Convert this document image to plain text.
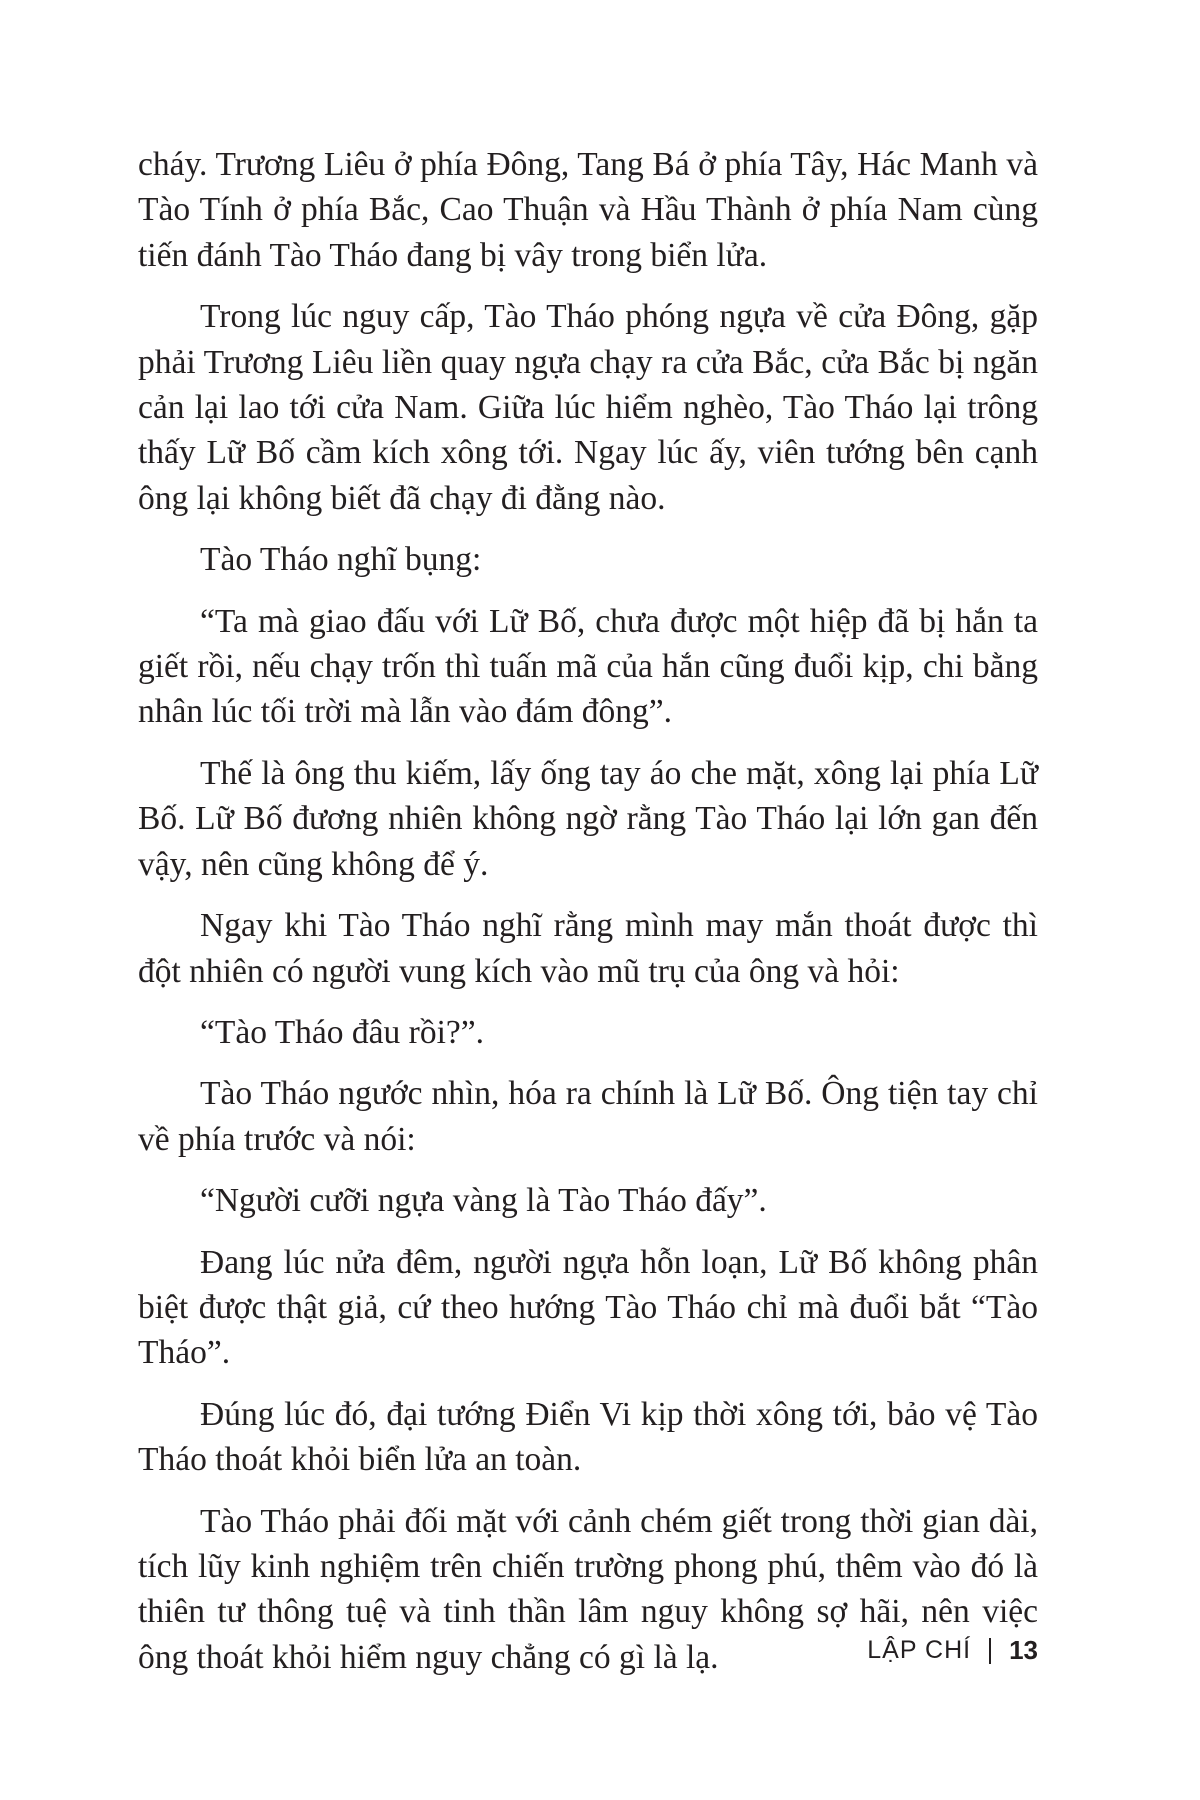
cháy. Trương Liêu ở phía Đông, Tang Bá ở phía Tây, Hác Manh và Tào Tính ở phía Bắc, Cao Thuận và Hầu Thành ở phía Nam cùng tiến đánh Tào Tháo đang bị vây trong biển lửa.

Trong lúc nguy cấp, Tào Tháo phóng ngựa về cửa Đông, gặp phải Trương Liêu liền quay ngựa chạy ra cửa Bắc, cửa Bắc bị ngăn cản lại lao tới cửa Nam. Giữa lúc hiểm nghèo, Tào Tháo lại trông thấy Lữ Bố cầm kích xông tới. Ngay lúc ấy, viên tướng bên cạnh ông lại không biết đã chạy đi đằng nào.

Tào Tháo nghĩ bụng:

“Ta mà giao đấu với Lữ Bố, chưa được một hiệp đã bị hắn ta giết rồi, nếu chạy trốn thì tuấn mã của hắn cũng đuổi kịp, chi bằng nhân lúc tối trời mà lẫn vào đám đông”.

Thế là ông thu kiếm, lấy ống tay áo che mặt, xông lại phía Lữ Bố. Lữ Bố đương nhiên không ngờ rằng Tào Tháo lại lớn gan đến vậy, nên cũng không để ý.

Ngay khi Tào Tháo nghĩ rằng mình may mắn thoát được thì đột nhiên có người vung kích vào mũ trụ của ông và hỏi:

“Tào Tháo đâu rồi?”.

Tào Tháo ngước nhìn, hóa ra chính là Lữ Bố. Ông tiện tay chỉ về phía trước và nói:

“Người cưỡi ngựa vàng là Tào Tháo đấy”.

Đang lúc nửa đêm, người ngựa hỗn loạn, Lữ Bố không phân biệt được thật giả, cứ theo hướng Tào Tháo chỉ mà đuổi bắt “Tào Tháo”.

Đúng lúc đó, đại tướng Điển Vi kịp thời xông tới, bảo vệ Tào Tháo thoát khỏi biển lửa an toàn.

Tào Tháo phải đối mặt với cảnh chém giết trong thời gian dài, tích lũy kinh nghiệm trên chiến trường phong phú, thêm vào đó là thiên tư thông tuệ và tinh thần lâm nguy không sợ hãi, nên việc ông thoát khỏi hiểm nguy chẳng có gì là lạ.	LẬP CHÍ 13
